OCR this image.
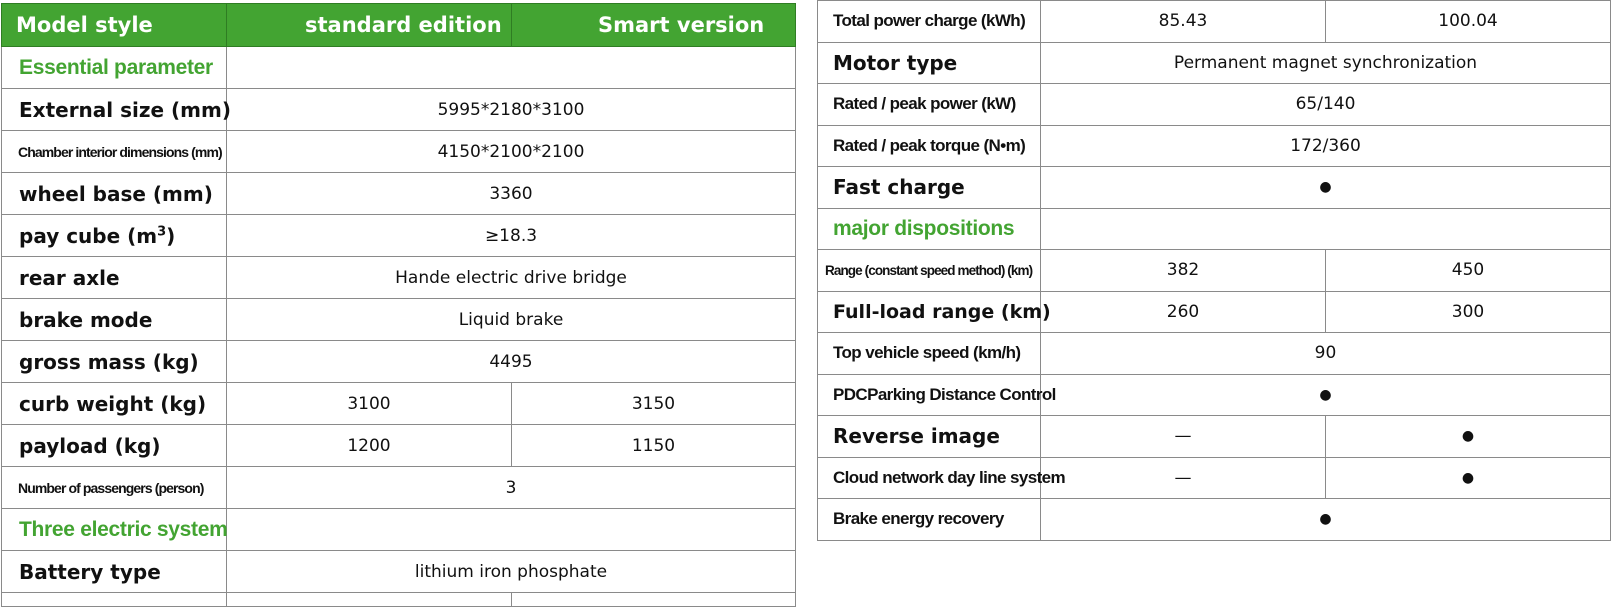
Model style	standard edition	Smart version
Essential parameter		
External size (mm)	5995*2180*3100	
Chamber interior dimensions (mm)	4150*2100*2100	
wheel base (mm)	3360	
pay cube $(m^3)$	≥18.3	
rear axle	Hande electric drive bridge	
brake mode	Liquid brake	
gross mass (kg)	4495	
curb weight (kg)	3100	3150
payload (kg)	1200	1150
Number of passengers (person)	3	
Three electric system		
Battery type	lithium iron phosphate	

Total power charge (kWh)	85.43	100.04
Motor type	Permanent magnet synchronization	
Rated / peak power (kW)	65/140	
Rated / peak torque (N•m)	172/360	
Fast charge	●	
major dispositions		
Range (constant speed method) (km)	382	450
Full-load range (km)	260	300
Top vehicle speed (km/h)	90	
PDCParking Distance Control	●	
Reverse image	—	●
Cloud network day line system	—	●
Brake energy recovery	●	
